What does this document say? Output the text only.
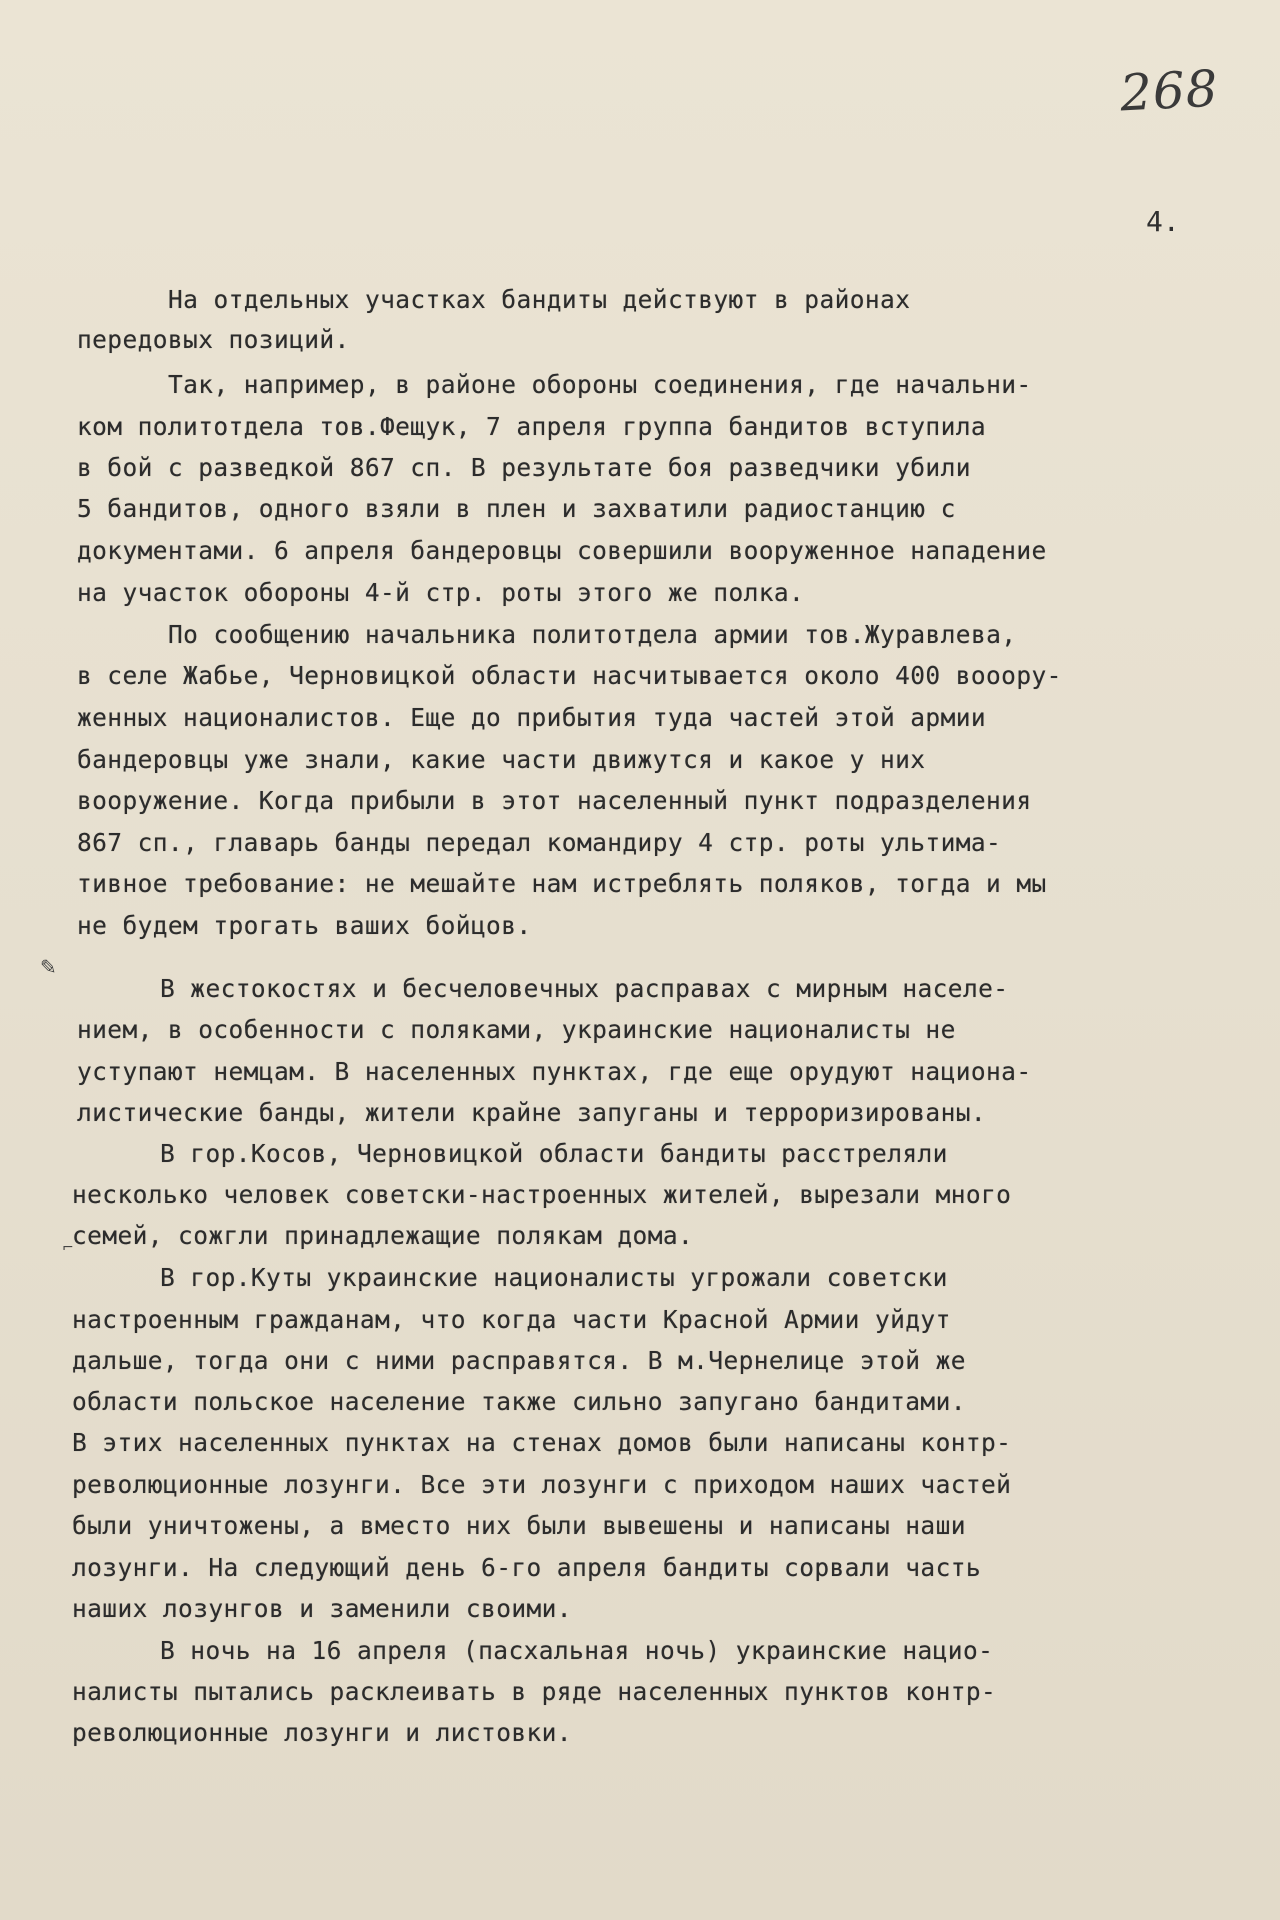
268
4.
✎
На отдельных участках бандиты действуют в районах
передовых позиций.
Так, например, в районе обороны соединения, где начальни-
ком политотдела тов.Фещук, 7 апреля группа бандитов вступила
в бой с разведкой 867 сп. В результате боя разведчики убили
5 бандитов, одного взяли в плен и захватили радиостанцию с
документами. 6 апреля бандеровцы совершили вооруженное нападение
на участок обороны 4-й стр. роты этого же полка.
По сообщению начальника политотдела армии тов.Журавлева,
в селе Жабье, Черновицкой области насчитывается около 400 вооору-
женных националистов. Еще до прибытия туда частей этой армии
бандеровцы уже знали, какие части движутся и какое у них
вооружение. Когда прибыли в этот населенный пункт подразделения
867 сп., главарь банды передал командиру 4 стр. роты ультима-
тивное требование: не мешайте нам истреблять поляков, тогда и мы
не будем трогать ваших бойцов.
В жестокостях и бесчеловечных расправах с мирным населе-
нием, в особенности с поляками, украинские националисты не
уступают немцам. В населенных пунктах, где еще орудуют национа-
листические банды, жители крайне запуганы и терроризированы.
В гор.Косов, Черновицкой области бандиты расстреляли
несколько человек советски-настроенных жителей, вырезали много
семей, сожгли принадлежащие полякам дома.
В гор.Куты украинские националисты угрожали советски
настроенным гражданам, что когда части Красной Армии уйдут
дальше, тогда они с ними расправятся. В м.Чернелице этой же
области польское население также сильно запугано бандитами.
В этих населенных пунктах на стенах домов были написаны контр-
революционные лозунги. Все эти лозунги с приходом наших частей
были уничтожены, а вместо них были вывешены и написаны наши
лозунги. На следующий день 6-го апреля бандиты сорвали часть
наших лозунгов и заменили своими.
В ночь на 16 апреля (пасхальная ночь) украинские нацио-
налисты пытались расклеивать в ряде населенных пунктов контр-
революционные лозунги и листовки.
⌐
